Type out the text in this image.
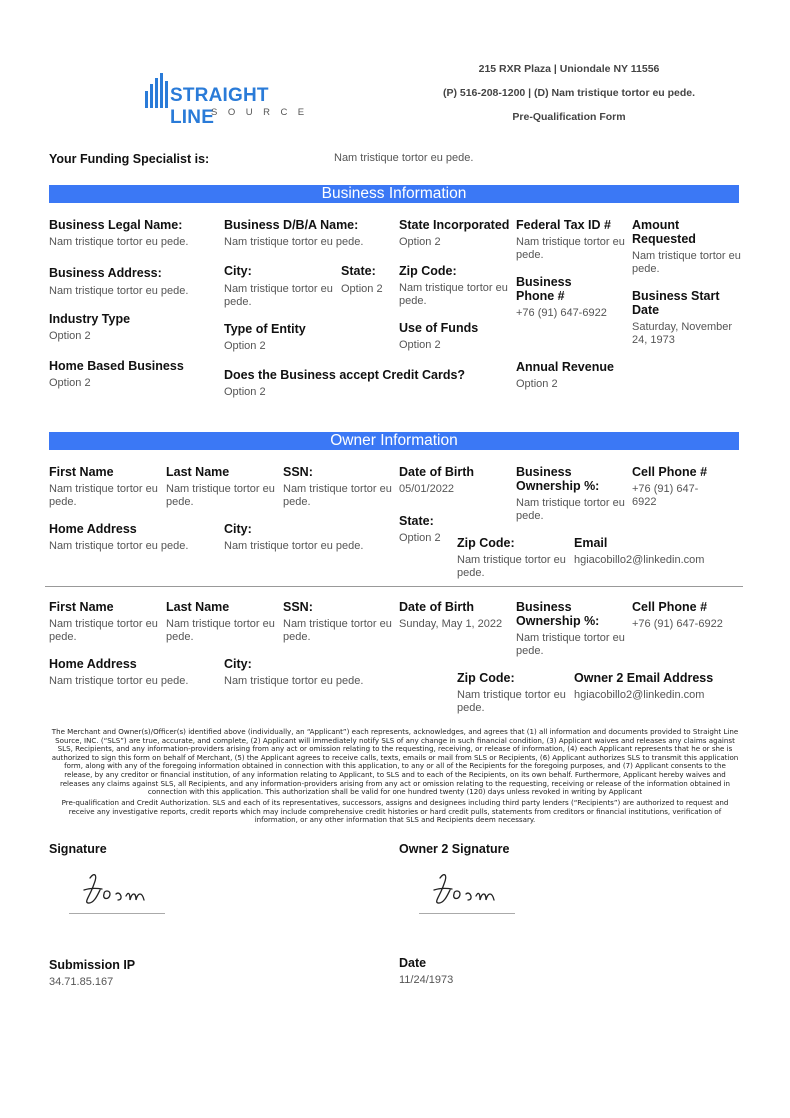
STRAIGHT LINE
SOURCE
215 RXR Plaza | Uniondale NY 11556
(P) 516-208-1200 | (D) Nam tristique tortor eu pede.
Pre-Qualification Form
Your Funding Specialist is:	Nam tristique tortor eu pede.
Business Information
Business Legal Name:
Nam tristique tortor eu pede.
Business D/B/A Name:
Nam tristique tortor eu pede.
State Incorporated
Option 2
Federal Tax ID #
Nam tristique tortor eu pede.
Amount Requested
Nam tristique tortor eu pede.
Business Address:
Nam tristique tortor eu pede.
City:
Nam tristique tortor eu pede.
State:
Option 2
Zip Code:
Nam tristique tortor eu pede.
Business Phone #
+76 (91) 647-6922
Business Start Date
Saturday, November 24, 1973
Industry Type
Option 2	Type of Entity
Option 2
Use of Funds
Option 2
Home Based Business
Option 2
Does the Business accept Credit Cards?
Option 2
Annual Revenue
Option 2
Owner Information
First Name
Nam tristique tortor eu pede.
Last Name
Nam tristique tortor eu pede.
SSN:
Nam tristique tortor eu pede.
Date of Birth
05/01/2022
Business Ownership %:
Nam tristique tortor eu pede.
Cell Phone #
+76 (91) 647-6922
Home Address
Nam tristique tortor eu pede.
City:
Nam tristique tortor eu pede.
State:
Option 2 Zip Code:
Nam tristique tortor eu pede.
Email
hgiacobillo2@linkedin.com
First Name
Nam tristique tortor eu pede.
Last Name
Nam tristique tortor eu pede.
SSN:
Nam tristique tortor eu pede.
Date of Birth
Sunday, May 1, 2022
Business Ownership %:
Nam tristique tortor eu pede.
Cell Phone #
+76 (91) 647-6922
Home Address
Nam tristique tortor eu pede.
City:
Nam tristique tortor eu pede.	Zip Code:
Nam tristique tortor eu pede.
Owner 2 Email Address
hgiacobillo2@linkedin.com
The Merchant and Owner(s)/Officer(s) identified above (individually, an “Applicant”) each represents, acknowledges, and agrees that (1) all information and documents provided to Straight Line Source, INC. (“SLS”) are true, accurate, and complete, (2) Applicant will immediately notify SLS of any change in such financial condition, (3) Applicant waives and releases any claims against SLS, Recipients, and any information-providers arising from any act or omission relating to the requesting, receiving, or release of information, (4) each Applicant represents that he or she is authorized to sign this form on behalf of Merchant, (5) the Applicant agrees to receive calls, texts, emails or mail from SLS or Recipients, (6) Applicant authorizes SLS to transmit this application form, along with any of the foregoing information obtained in connection with this application, to any or all of the Recipients for the foregoing purposes, and (7) Applicant consents to the release, by any creditor or financial institution, of any information relating to Applicant, to SLS and to each of the Recipients, on its own behalf. Furthermore, Applicant hereby waives and releases any claims against SLS, all Recipients, and any information-providers arising from any act or omission relating to the requesting, receiving or release of the information obtained in connection with this application. This authorization shall be valid for one hundred twenty (120) days unless revoked in writing by Applicant
Pre-qualification and Credit Authorization. SLS and each of its representatives, successors, assigns and designees including third party lenders (“Recipients”) are authorized to request and receive any investigative reports, credit reports which may include comprehensive credit histories or hard credit pulls, statements from creditors or financial institutions, verification of information, or any other information that SLS and Recipients deem necessary.
Signature	Owner 2 Signature
Submission IP
34.71.85.167
Date
11/24/1973
